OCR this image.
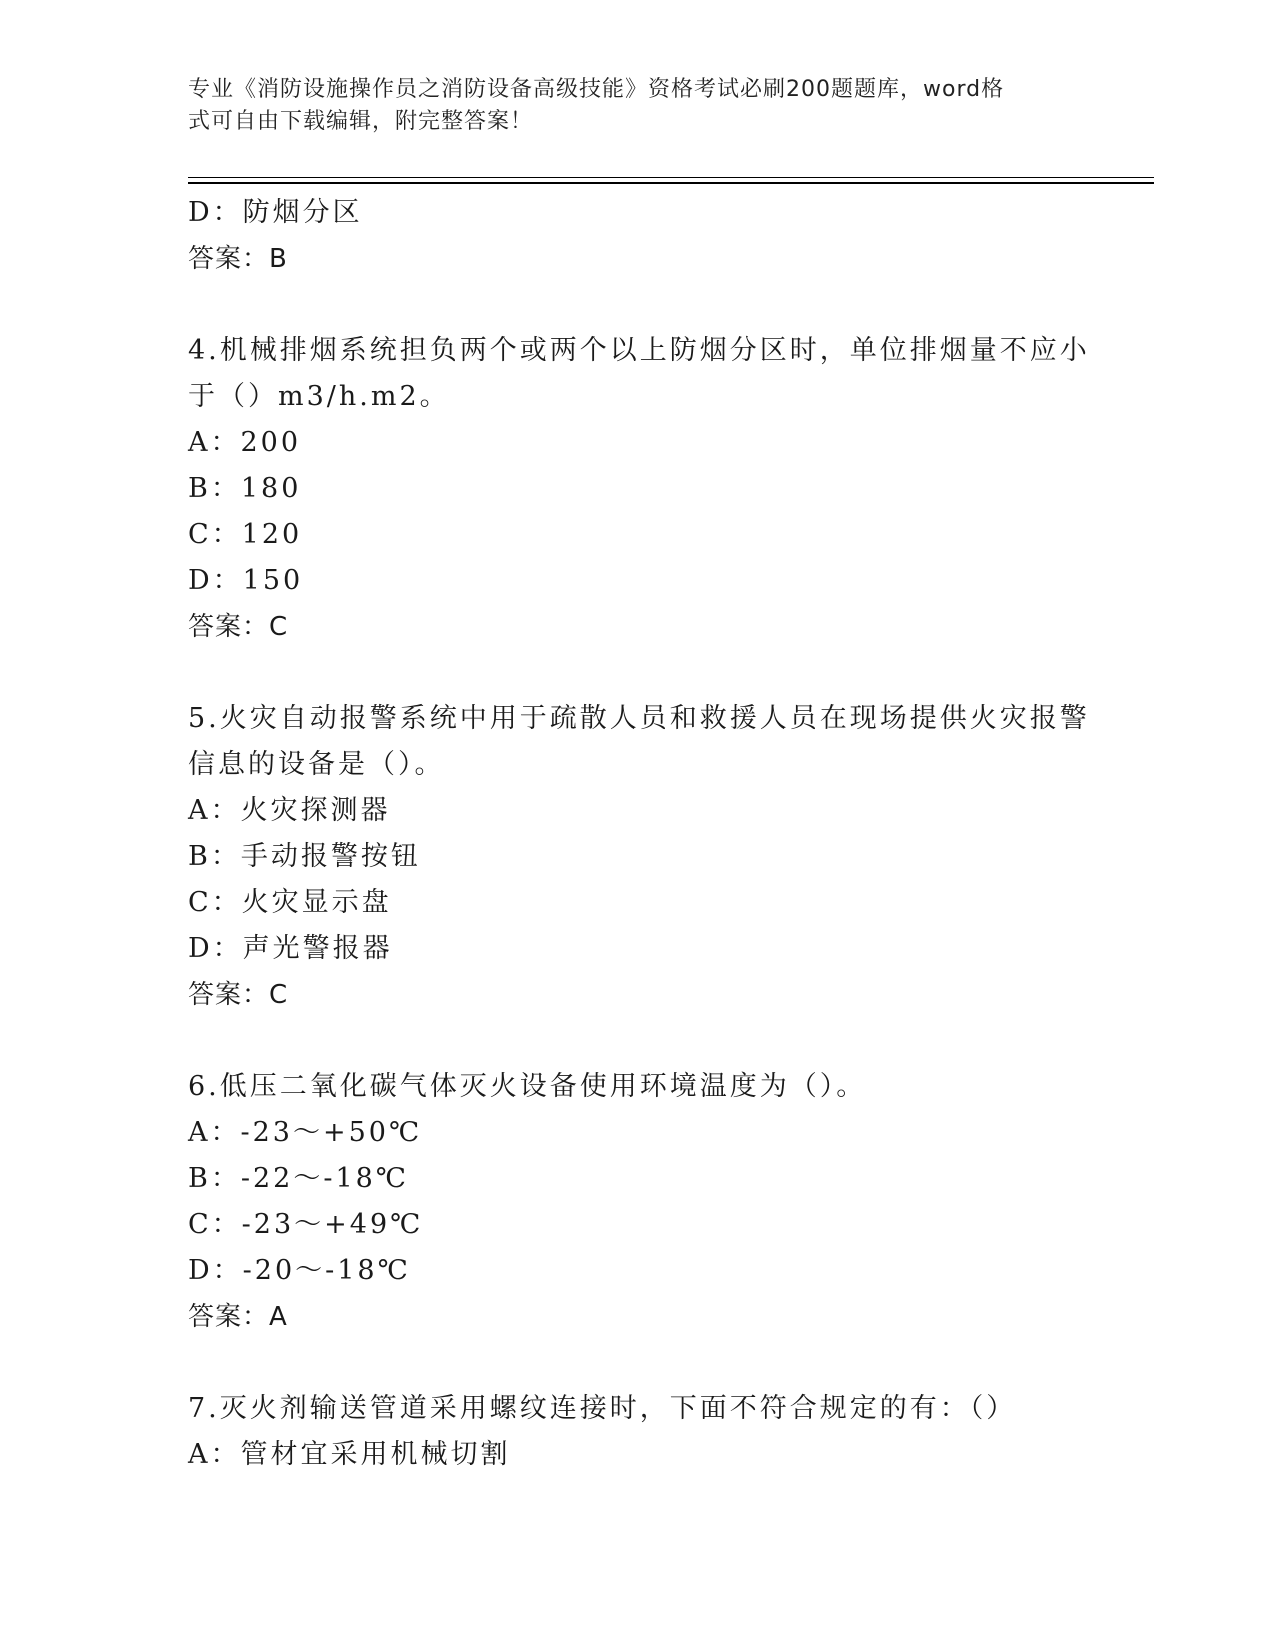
专业《消防设施操作员之消防设备高级技能》资格考试必刷200题题库，word格
式可自由下载编辑，附完整答案！
D：防烟分区
答案：B
4.机械排烟系统担负两个或两个以上防烟分区时，单位排烟量不应小
于（）m3/h.m2。
A：200
B：180
C：120
D：150
答案：C
5.火灾自动报警系统中用于疏散人员和救援人员在现场提供火灾报警
信息的设备是（）。
A：火灾探测器
B：手动报警按钮
C：火灾显示盘
D：声光警报器
答案：C
6.低压二氧化碳气体灭火设备使用环境温度为（）。
A：-23～+50℃
B：-22～-18℃
C：-23～+49℃
D：-20～-18℃
答案：A
7.灭火剂输送管道采用螺纹连接时，下面不符合规定的有：（）
A：管材宜采用机械切割
